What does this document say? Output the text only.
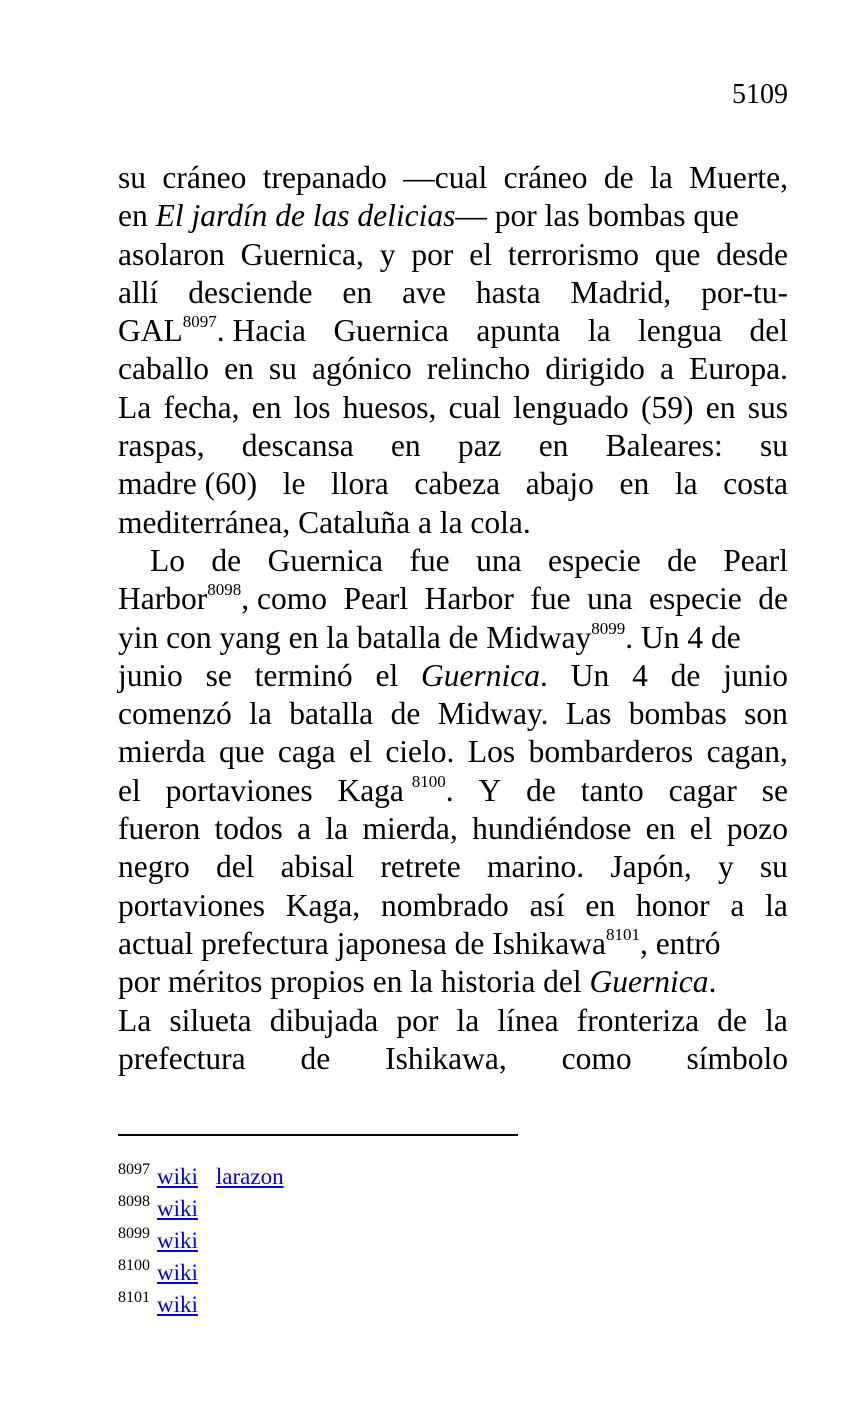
5109
su cráneo trepanado —cual cráneo de la Muerte,
en El jardín de las delicias— por las bombas que
asolaron Guernica, y por el terrorismo que desde
allí desciende en ave hasta Madrid, por-tu-
$GAL^{8097}$. Hacia Guernica apunta la lengua del
caballo en su agónico relincho dirigido a Europa.
La fecha, en los huesos, cual lenguado (59) en sus
raspas, descansa en paz en Baleares: su
madre (60) le llora cabeza abajo en la costa
mediterránea, Cataluña a la cola.
Lo de Guernica fue una especie de Pearl
Harbor$^{8098}$, como Pearl Harbor fue una especie de
yin con yang en la batalla de Midway$^{8099}$. Un 4 de
junio se terminó el Guernica. Un 4 de junio
comenzó la batalla de Midway. Las bombas son
mierda que caga el cielo. Los bombarderos cagan,
el portaviones Kaga $^{8100}$. Y de tanto cagar se
fueron todos a la mierda, hundiéndose en el pozo
negro del abisal retrete marino. Japón, y su
portaviones Kaga, nombrado así en honor a la
actual prefectura japonesa de Ishikawa$^{8101}$, entró
por méritos propios en la historia del Guernica.
La silueta dibujada por la línea fronteriza de la
prefectura de Ishikawa, como símbolo
$^{8097}$ wiki larazon
$^{8098}$ wiki
$^{8099}$ wiki
$^{8100}$ wiki
$^{8101}$ wiki
